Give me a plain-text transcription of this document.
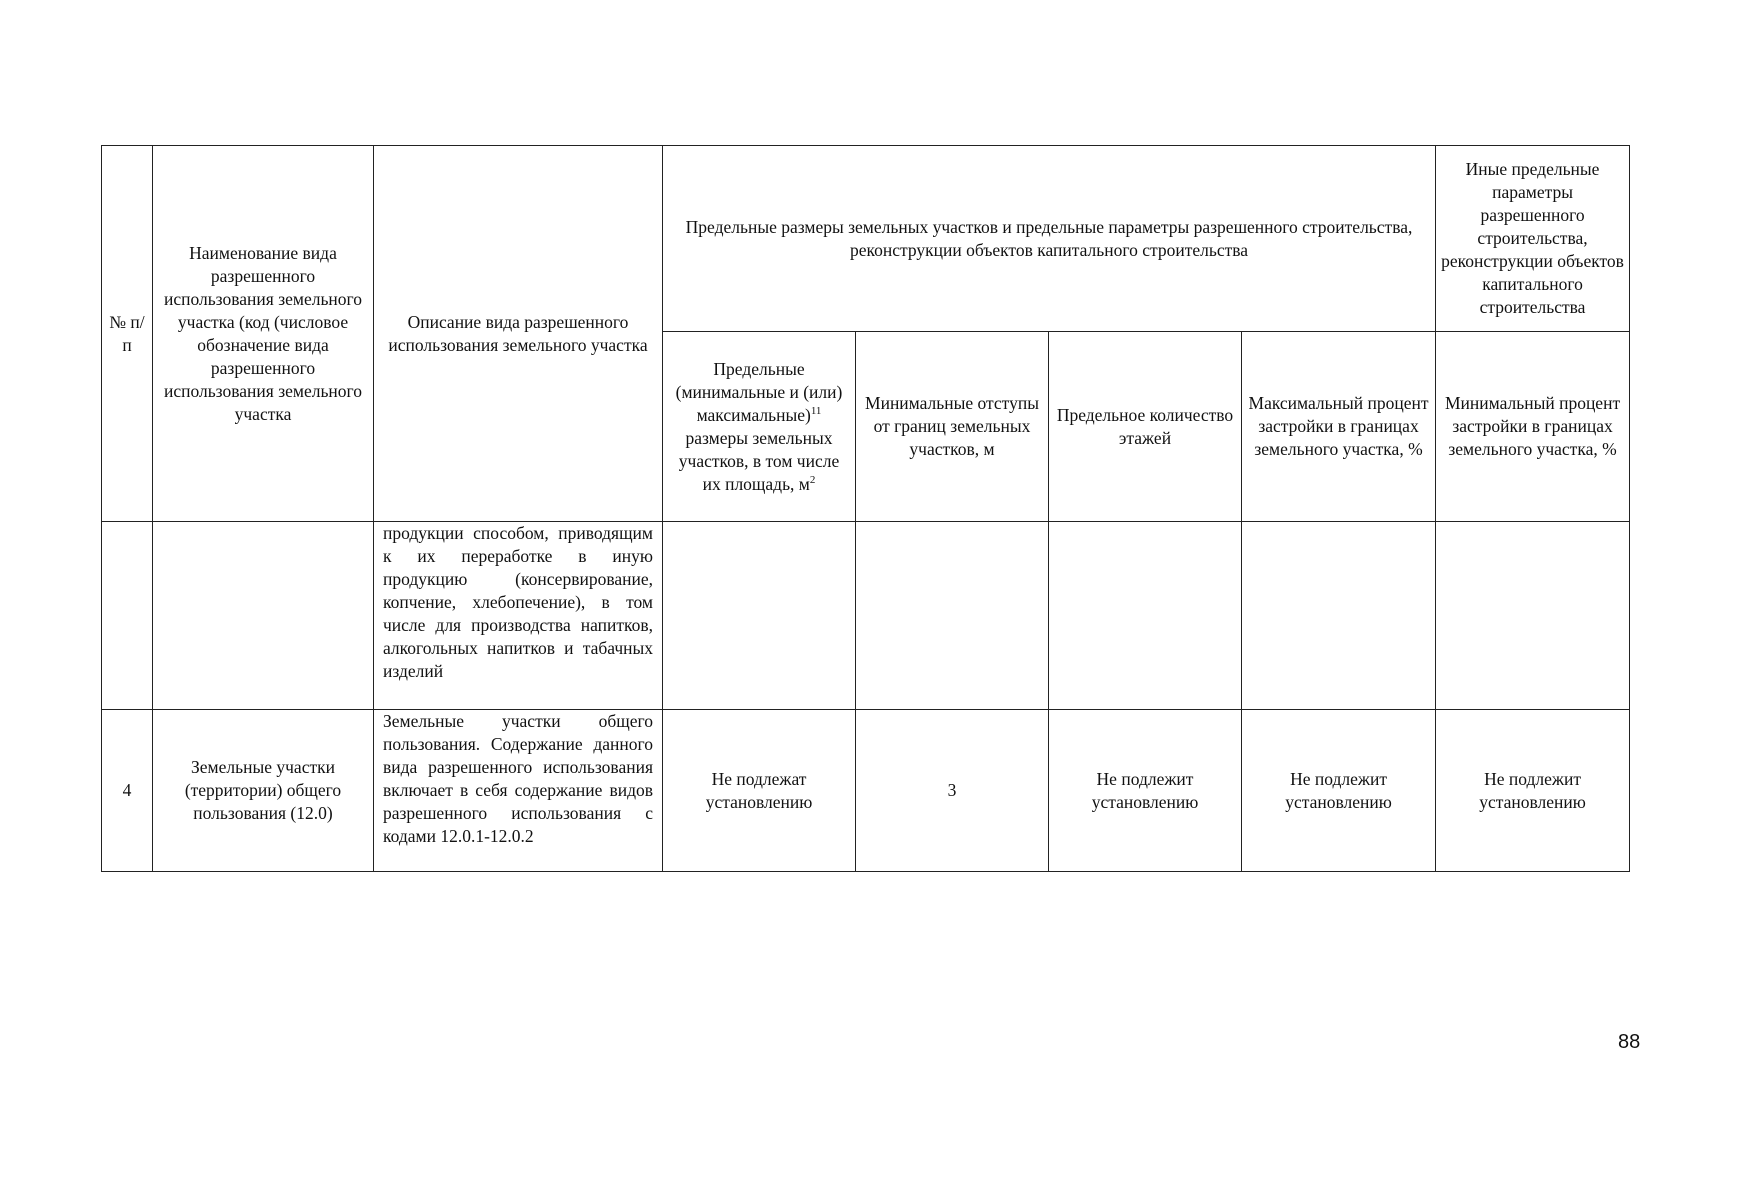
№ п/п	Наименование вида разрешенного использования земельного участка (код (числовое обозначение вида разрешенного использования земельного участка	Описание вида разрешенного использования земельного участка	Предельные размеры земельных участков и предельные параметры разрешенного строительства, реконструкции объектов капитального строительства				Иные предельные параметры разрешенного строительства, реконструкции объектов капитального строительства
			Предельные (минимальные и (или) максимальные)$^{11}$ размеры земельных участков, в том числе их площадь, $м^2$	Минимальные отступы от границ земельных участков, м	Предельное количество этажей	Максимальный процент застройки в границах земельного участка, %	Минимальный процент застройки в границах земельного участка, %
		продукции способом, приводящим к их переработке в иную продукцию (консервирование, копчение, хлебопечение), в том числе для производства напитков, алкогольных напитков и табачных изделий					
4	Земельные участки (территории) общего пользования (12.0)	Земельные участки общего пользования. Содержание данного вида разрешенного использования включает в себя содержание видов разрешенного использования с кодами 12.0.1-12.0.2	Не подлежат установлению	3	Не подлежит установлению	Не подлежит установлению	Не подлежит установлению
88
